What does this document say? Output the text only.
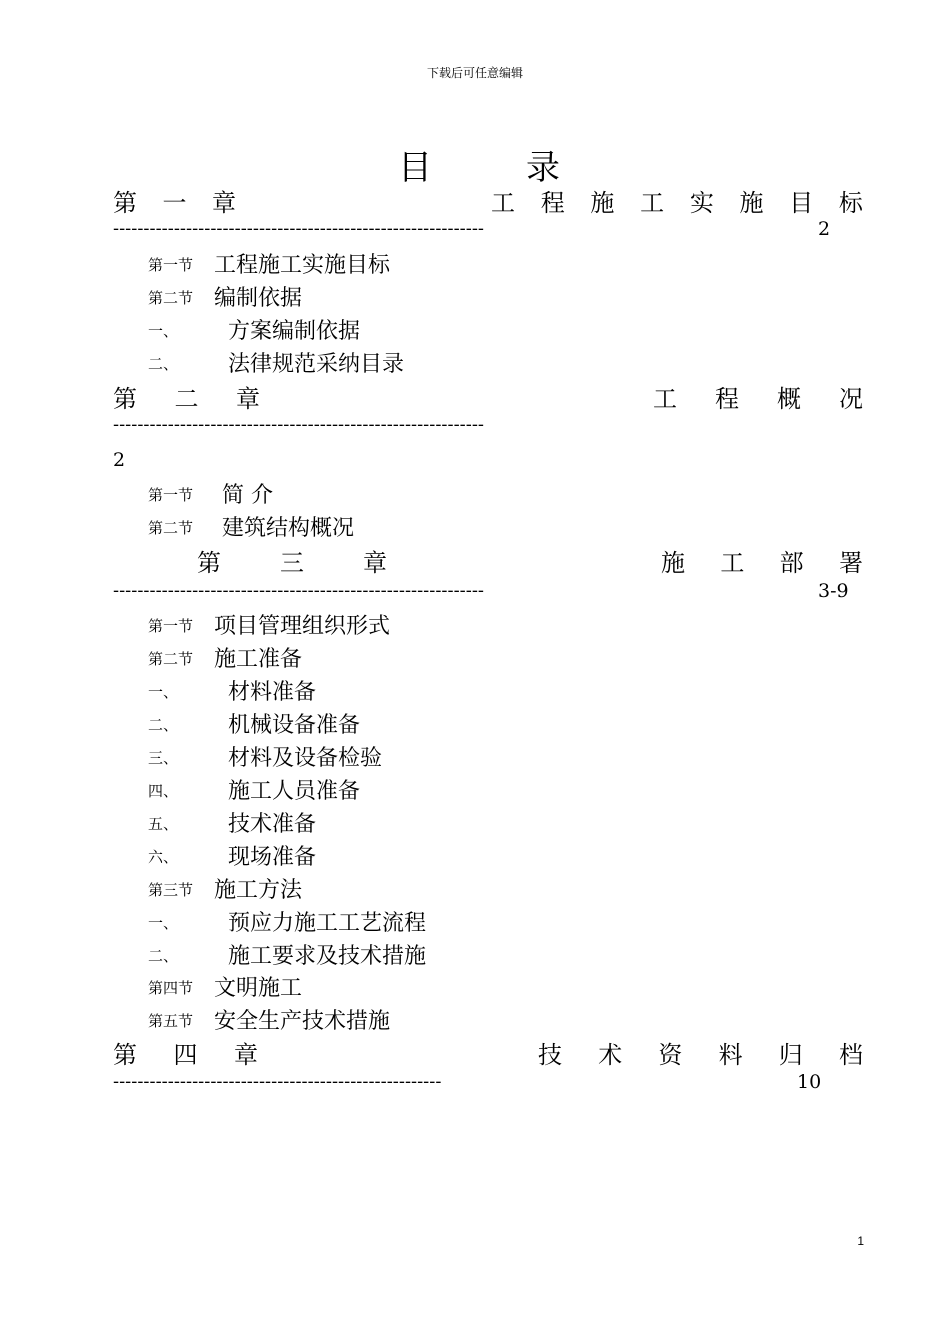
下载后可任意编辑
目	录
第 一 章	工 程 施 工 实 施 目 标
-------------------------------------------------------------	2
第一节 工程施工实施目标
第二节 编制依据
一、 方案编制依据
二、 法律规范采纳目录
第 二 章	工 程 概 况
-------------------------------------------------------------
2
第一节 简 介
第二节 建筑结构概况
第 三 章	施 工 部 署
-------------------------------------------------------------	3-9
第一节 项目管理组织形式
第二节 施工准备
一、 材料准备
二、 机械设备准备
三、 材料及设备检验
四、 施工人员准备
五、 技术准备
六、 现场准备
第三节 施工方法
一、 预应力施工工艺流程
二、 施工要求及技术措施
第四节 文明施工
第五节 安全生产技术措施
第 四 章	技 术 资 料 归 档
------------------------------------------------------	10
1
